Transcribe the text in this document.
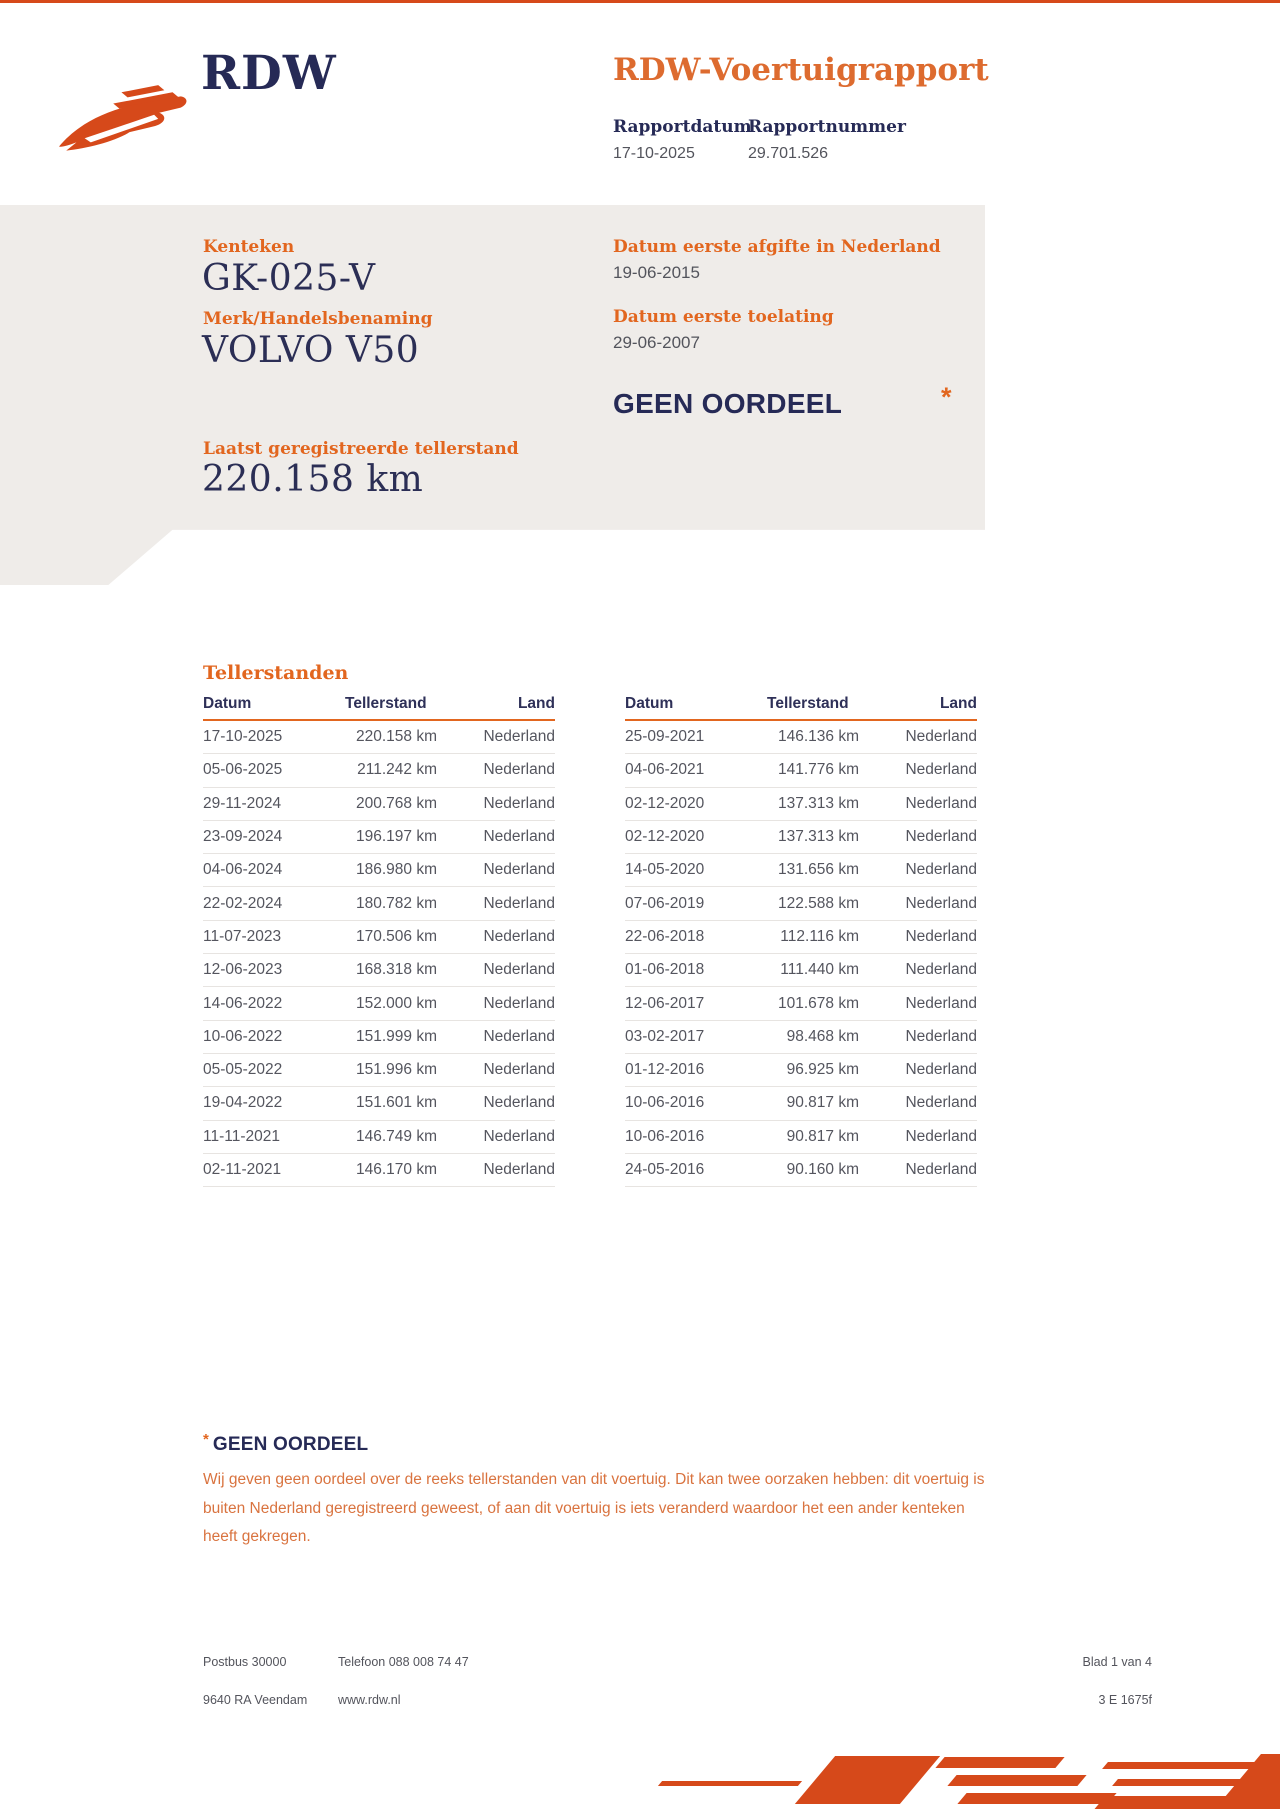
RDW	RDW-Voertuigrapport
Rapportdatum
17-10-2025
Rapportnummer
29.701.526
Kenteken
GK-025-V
Merk/Handelsbenaming
VOLVO V50
Datum eerste afgifte in Nederland
19-06-2015
Datum eerste toelating
29-06-2007
GEEN OORDEEL	*
Laatst geregistreerde tellerstand
220.158 km
Tellerstanden
Datum	Tellerstand	Land
17-10-2025	220.158 km	Nederland
05-06-2025	211.242 km	Nederland
29-11-2024	200.768 km	Nederland
23-09-2024	196.197 km	Nederland
04-06-2024	186.980 km	Nederland
22-02-2024	180.782 km	Nederland
11-07-2023	170.506 km	Nederland
12-06-2023	168.318 km	Nederland
14-06-2022	152.000 km	Nederland
10-06-2022	151.999 km	Nederland
05-05-2022	151.996 km	Nederland
19-04-2022	151.601 km	Nederland
11-11-2021	146.749 km	Nederland
02-11-2021	146.170 km	Nederland
Datum	Tellerstand	Land
25-09-2021	146.136 km	Nederland
04-06-2021	141.776 km	Nederland
02-12-2020	137.313 km	Nederland
02-12-2020	137.313 km	Nederland
14-05-2020	131.656 km	Nederland
07-06-2019	122.588 km	Nederland
22-06-2018	112.116 km	Nederland
01-06-2018	111.440 km	Nederland
12-06-2017	101.678 km	Nederland
03-02-2017	98.468 km	Nederland
01-12-2016	96.925 km	Nederland
10-06-2016	90.817 km	Nederland
10-06-2016	90.817 km	Nederland
24-05-2016	90.160 km	Nederland
* GEEN OORDEEL
Wij geven geen oordeel over de reeks tellerstanden van dit voertuig. Dit kan twee oorzaken hebben: dit voertuig is buiten Nederland geregistreerd geweest, of aan dit voertuig is iets veranderd waardoor het een ander kenteken heeft gekregen.
Postbus 30000
9640 RA Veendam
Telefoon 088 008 74 47
www.rdw.nl
Blad 1 van 4
3 E 1675f
